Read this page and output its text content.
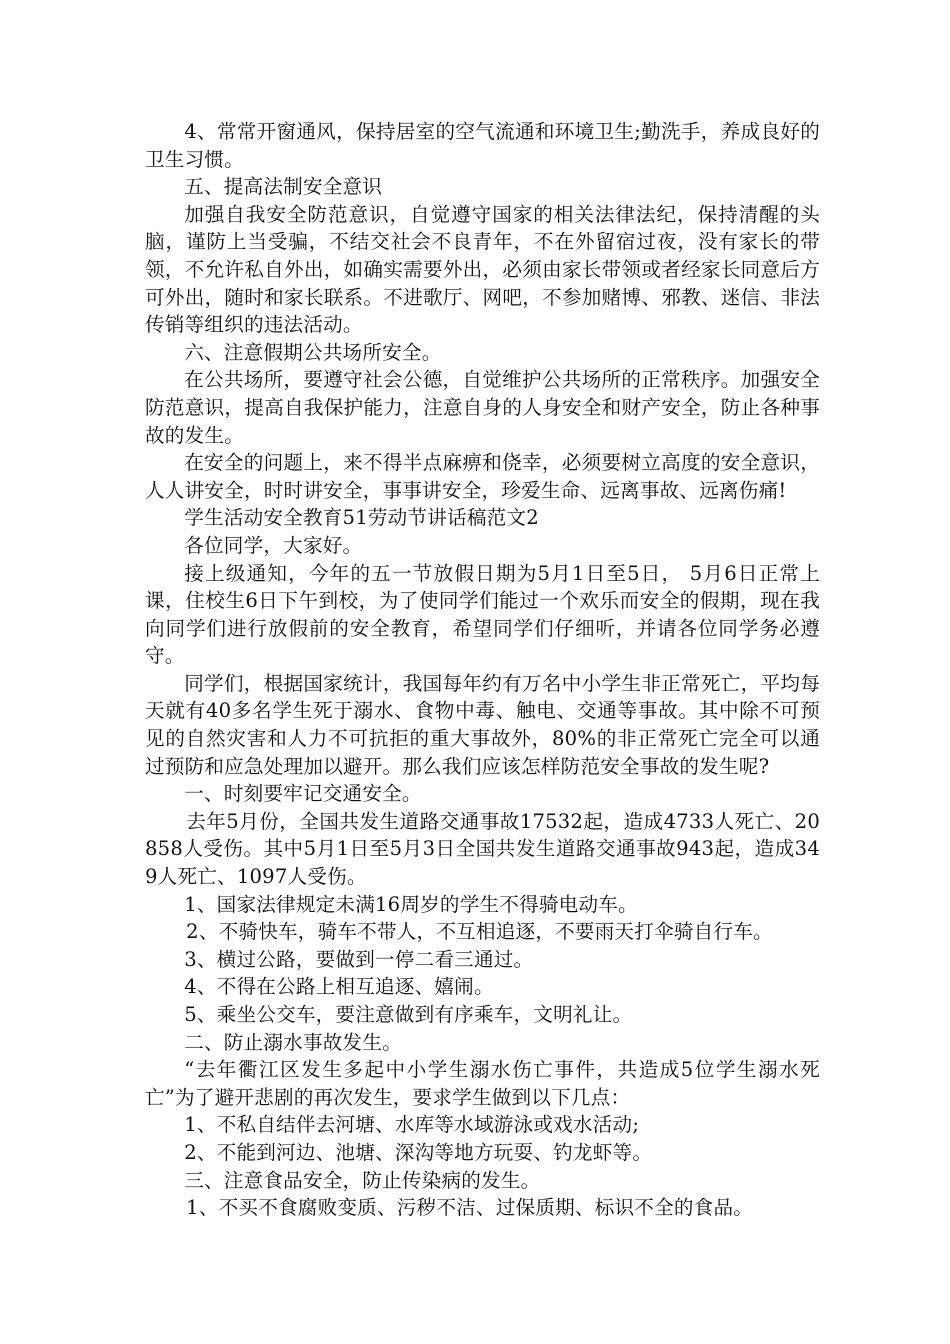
4、常常开窗通风，保持居室的空气流通和环境卫生;勤洗手，养成良好的卫生习惯。

五、提高法制安全意识

加强自我安全防范意识，自觉遵守国家的相关法律法纪，保持清醒的头脑，谨防上当受骗，不结交社会不良青年，不在外留宿过夜，没有家长的带领，不允许私自外出，如确实需要外出，必须由家长带领或者经家长同意后方可外出，随时和家长联系。不进歌厅、网吧，不参加赌博、邪教、迷信、非法传销等组织的违法活动。

六、注意假期公共场所安全。

在公共场所，要遵守社会公德，自觉维护公共场所的正常秩序。加强安全防范意识，提高自我保护能力，注意自身的人身安全和财产安全，防止各种事故的发生。

在安全的问题上，来不得半点麻痹和侥幸，必须要树立高度的安全意识，人人讲安全，时时讲安全，事事讲安全，珍爱生命、远离事故、远离伤痛!

学生活动安全教育51劳动节讲话稿范文2

各位同学，大家好。

接上级通知，今年的五一节放假日期为5月1日至5日， 5月6日正常上课，住校生6日下午到校，为了使同学们能过一个欢乐而安全的假期，现在我向同学们进行放假前的安全教育，希望同学们仔细听，并请各位同学务必遵守。

同学们，根据国家统计，我国每年约有万名中小学生非正常死亡，平均每天就有40多名学生死于溺水、食物中毒、触电、交通等事故。其中除不可预见的自然灾害和人力不可抗拒的重大事故外，80%的非正常死亡完全可以通过预防和应急处理加以避开。那么我们应该怎样防范安全事故的发生呢?

一、时刻要牢记交通安全。

去年5月份，全国共发生道路交通事故17532起，造成4733人死亡、20858人受伤。其中5月1日至5月3日全国共发生道路交通事故943起，造成349人死亡、1097人受伤。

1、国家法律规定未满16周岁的学生不得骑电动车。

2、不骑快车，骑车不带人，不互相追逐，不要雨天打伞骑自行车。

3、横过公路，要做到一停二看三通过。

4、不得在公路上相互追逐、嬉闹。

5、乘坐公交车，要注意做到有序乘车，文明礼让。

二、防止溺水事故发生。

“去年衢江区发生多起中小学生溺水伤亡事件，共造成5位学生溺水死亡”为了避开悲剧的再次发生，要求学生做到以下几点：

1、不私自结伴去河塘、水库等水域游泳或戏水活动;

2、不能到河边、池塘、深沟等地方玩耍、钓龙虾等。

三、注意食品安全，防止传染病的发生。

1、不买不食腐败变质、污秽不洁、过保质期、标识不全的食品。
